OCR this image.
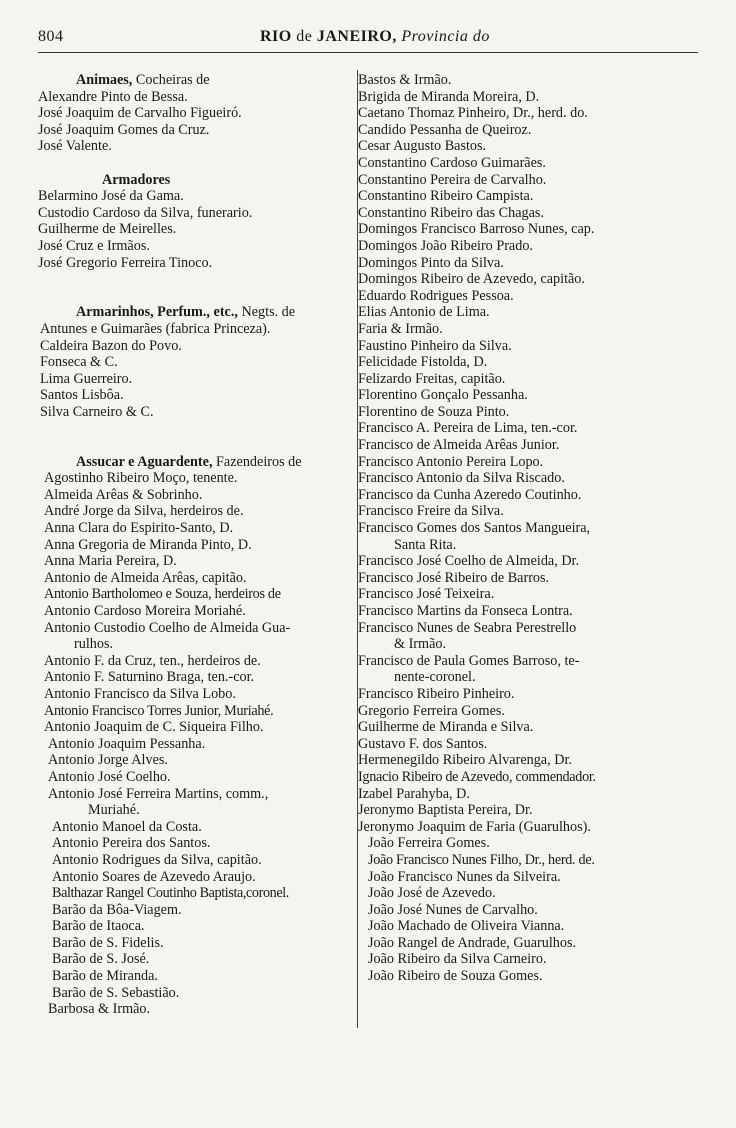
804	RIO de JANEIRO, Provincia do
Animaes, Cocheiras de
Alexandre Pinto de Bessa.
José Joaquim de Carvalho Figueiró.
José Joaquim Gomes da Cruz.
José Valente.
Armadores
Belarmino José da Gama.
Custodio Cardoso da Silva, funerario.
Guilherme de Meirelles.
José Cruz e Irmãos.
José Gregorio Ferreira Tinoco.
Armarinhos, Perfum., etc., Negts. de
Antunes e Guimarães (fabrica Princeza).
Caldeira Bazon do Povo.
Fonseca & C.
Lima Guerreiro.
Santos Lisbôa.
Silva Carneiro & C.
Assucar e Aguardente, Fazendeiros de
Agostinho Ribeiro Moço, tenente.
Almeida Arêas & Sobrinho.
André Jorge da Silva, herdeiros de.
Anna Clara do Espirito-Santo, D.
Anna Gregoria de Miranda Pinto, D.
Anna Maria Pereira, D.
Antonio de Almeida Arêas, capitão.
Antonio Bartholomeo e Souza, herdeiros de
Antonio Cardoso Moreira Moriahé.
Antonio Custodio Coelho de Almeida Gua-
rulhos.
Antonio F. da Cruz, ten., herdeiros de.
Antonio F. Saturnino Braga, ten.-cor.
Antonio Francisco da Silva Lobo.
Antonio Francisco Torres Junior, Muriahé.
Antonio Joaquim de C. Siqueira Filho.
Antonio Joaquim Pessanha.
Antonio Jorge Alves.
Antonio José Coelho.
Antonio José Ferreira Martins, comm.,
Muriahé.
Antonio Manoel da Costa.
Antonio Pereira dos Santos.
Antonio Rodrigues da Silva, capitão.
Antonio Soares de Azevedo Araujo.
Balthazar Rangel Coutinho Baptista,coronel.
Barão da Bôa-Viagem.
Barão de Itaoca.
Barão de S. Fidelis.
Barão de S. José.
Barão de Miranda.
Barão de S. Sebastião.
Barbosa & Irmão.
Bastos & Irmão.
Brigida de Miranda Moreira, D.
Caetano Thomaz Pinheiro, Dr., herd. do.
Candido Pessanha de Queiroz.
Cesar Augusto Bastos.
Constantino Cardoso Guimarães.
Constantino Pereira de Carvalho.
Constantino Ribeiro Campista.
Constantino Ribeiro das Chagas.
Domingos Francisco Barroso Nunes, cap.
Domingos João Ribeiro Prado.
Domingos Pinto da Silva.
Domingos Ribeiro de Azevedo, capitão.
Eduardo Rodrigues Pessoa.
Elias Antonio de Lima.
Faria & Irmão.
Faustino Pinheiro da Silva.
Felicidade Fistolda, D.
Felizardo Freitas, capitão.
Florentino Gonçalo Pessanha.
Florentino de Souza Pinto.
Francisco A. Pereira de Lima, ten.-cor.
Francisco de Almeida Arêas Junior.
Francisco Antonio Pereira Lopo.
Francisco Antonio da Silva Riscado.
Francisco da Cunha Azeredo Coutinho.
Francisco Freire da Silva.
Francisco Gomes dos Santos Mangueira,
Santa Rita.
Francisco José Coelho de Almeida, Dr.
Francisco José Ribeiro de Barros.
Francisco José Teixeira.
Francisco Martins da Fonseca Lontra.
Francisco Nunes de Seabra Perestrello
& Irmão.
Francisco de Paula Gomes Barroso, te-
nente-coronel.
Francisco Ribeiro Pinheiro.
Gregorio Ferreira Gomes.
Guilherme de Miranda e Silva.
Gustavo F. dos Santos.
Hermenegildo Ribeiro Alvarenga, Dr.
Ignacio Ribeiro de Azevedo, commendador.
Izabel Parahyba, D.
Jeronymo Baptista Pereira, Dr.
Jeronymo Joaquim de Faria (Guarulhos).
João Ferreira Gomes.
João Francisco Nunes Filho, Dr., herd. de.
João Francisco Nunes da Silveira.
João José de Azevedo.
João José Nunes de Carvalho.
João Machado de Oliveira Vianna.
João Rangel de Andrade, Guarulhos.
João Ribeiro da Silva Carneiro.
João Ribeiro de Souza Gomes.
